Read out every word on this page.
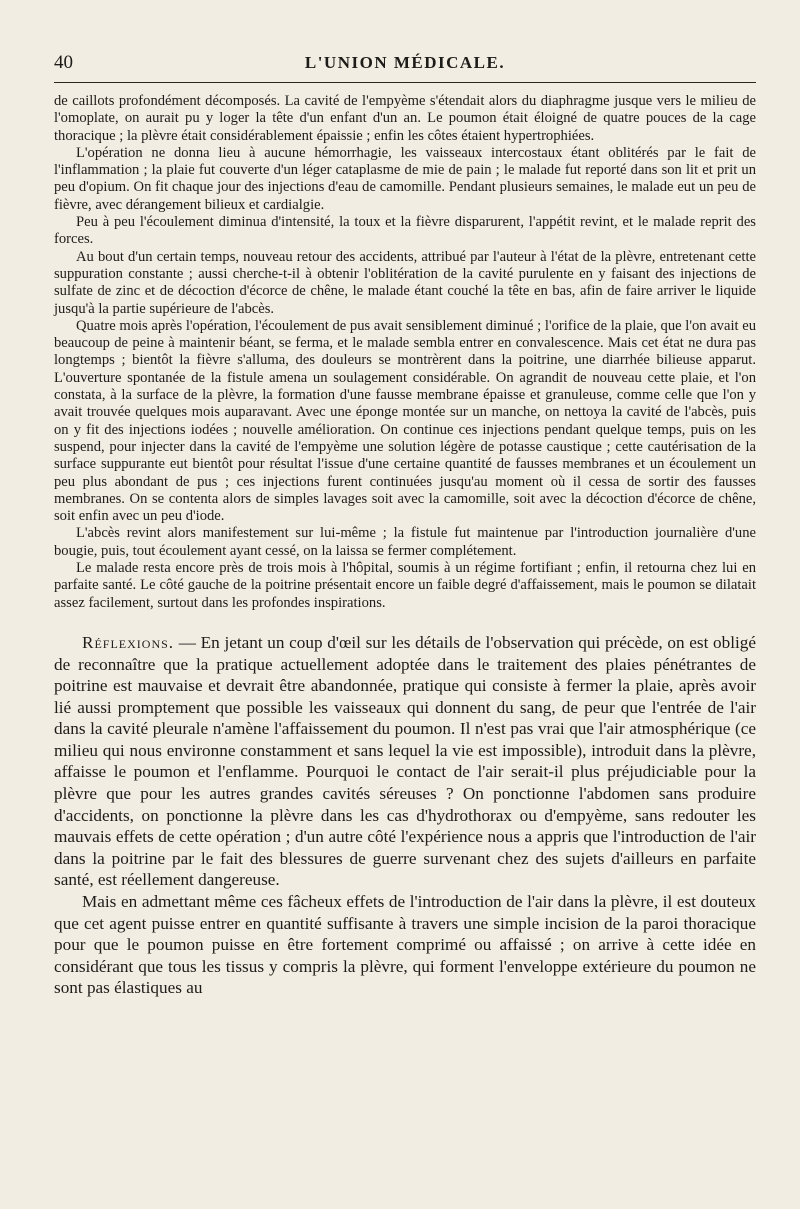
40	L'UNION MÉDICALE.

de caillots profondément décomposés. La cavité de l'empyème s'étendait alors du diaphragme jusque vers le milieu de l'omoplate, on aurait pu y loger la tête d'un enfant d'un an. Le poumon était éloigné de quatre pouces de la cage thoracique ; la plèvre était considérablement épaissie ; enfin les côtes étaient hypertrophiées.

L'opération ne donna lieu à aucune hémorrhagie, les vaisseaux intercostaux étant oblitérés par le fait de l'inflammation ; la plaie fut couverte d'un léger cataplasme de mie de pain ; le malade fut reporté dans son lit et prit un peu d'opium. On fit chaque jour des injections d'eau de camomille. Pendant plusieurs semaines, le malade eut un peu de fièvre, avec dérangement bilieux et cardialgie.

Peu à peu l'écoulement diminua d'intensité, la toux et la fièvre disparurent, l'appétit revint, et le malade reprit des forces.

Au bout d'un certain temps, nouveau retour des accidents, attribué par l'auteur à l'état de la plèvre, entretenant cette suppuration constante ; aussi cherche-t-il à obtenir l'oblitération de la cavité purulente en y faisant des injections de sulfate de zinc et de décoction d'écorce de chêne, le malade étant couché la tête en bas, afin de faire arriver le liquide jusqu'à la partie supérieure de l'abcès.

Quatre mois après l'opération, l'écoulement de pus avait sensiblement diminué ; l'orifice de la plaie, que l'on avait eu beaucoup de peine à maintenir béant, se ferma, et le malade sembla entrer en convalescence. Mais cet état ne dura pas longtemps ; bientôt la fièvre s'alluma, des douleurs se montrèrent dans la poitrine, une diarrhée bilieuse apparut. L'ouverture spontanée de la fistule amena un soulagement considérable. On agrandit de nouveau cette plaie, et l'on constata, à la surface de la plèvre, la formation d'une fausse membrane épaisse et granuleuse, comme celle que l'on y avait trouvée quelques mois auparavant. Avec une éponge montée sur un manche, on nettoya la cavité de l'abcès, puis on y fit des injections iodées ; nouvelle amélioration. On continue ces injections pendant quelque temps, puis on les suspend, pour injecter dans la cavité de l'empyème une solution légère de potasse caustique ; cette cautérisation de la surface suppurante eut bientôt pour résultat l'issue d'une certaine quantité de fausses membranes et un écoulement un peu plus abondant de pus ; ces injections furent continuées jusqu'au moment où il cessa de sortir des fausses membranes. On se contenta alors de simples lavages soit avec la camomille, soit avec la décoction d'écorce de chêne, soit enfin avec un peu d'iode.

L'abcès revint alors manifestement sur lui-même ; la fistule fut maintenue par l'introduction journalière d'une bougie, puis, tout écoulement ayant cessé, on la laissa se fermer complétement.

Le malade resta encore près de trois mois à l'hôpital, soumis à un régime fortifiant ; enfin, il retourna chez lui en parfaite santé. Le côté gauche de la poitrine présentait encore un faible degré d'affaissement, mais le poumon se dilatait assez facilement, surtout dans les profondes inspirations.

Réflexions. — En jetant un coup d'œil sur les détails de l'observation qui précède, on est obligé de reconnaître que la pratique actuellement adoptée dans le traitement des plaies pénétrantes de poitrine est mauvaise et devrait être abandonnée, pratique qui consiste à fermer la plaie, après avoir lié aussi promptement que possible les vaisseaux qui donnent du sang, de peur que l'entrée de l'air dans la cavité pleurale n'amène l'affaissement du poumon. Il n'est pas vrai que l'air atmosphérique (ce milieu qui nous environne constamment et sans lequel la vie est impossible), introduit dans la plèvre, affaisse le poumon et l'enflamme. Pourquoi le contact de l'air serait-il plus préjudiciable pour la plèvre que pour les autres grandes cavités séreuses ? On ponctionne l'abdomen sans produire d'accidents, on ponctionne la plèvre dans les cas d'hydrothorax ou d'empyème, sans redouter les mauvais effets de cette opération ; d'un autre côté l'expérience nous a appris que l'introduction de l'air dans la poitrine par le fait des blessures de guerre survenant chez des sujets d'ailleurs en parfaite santé, est réellement dangereuse.

Mais en admettant même ces fâcheux effets de l'introduction de l'air dans la plèvre, il est douteux que cet agent puisse entrer en quantité suffisante à travers une simple incision de la paroi thoracique pour que le poumon puisse en être fortement comprimé ou affaissé ; on arrive à cette idée en considérant que tous les tissus y compris la plèvre, qui forment l'enveloppe extérieure du poumon ne sont pas élastiques au
